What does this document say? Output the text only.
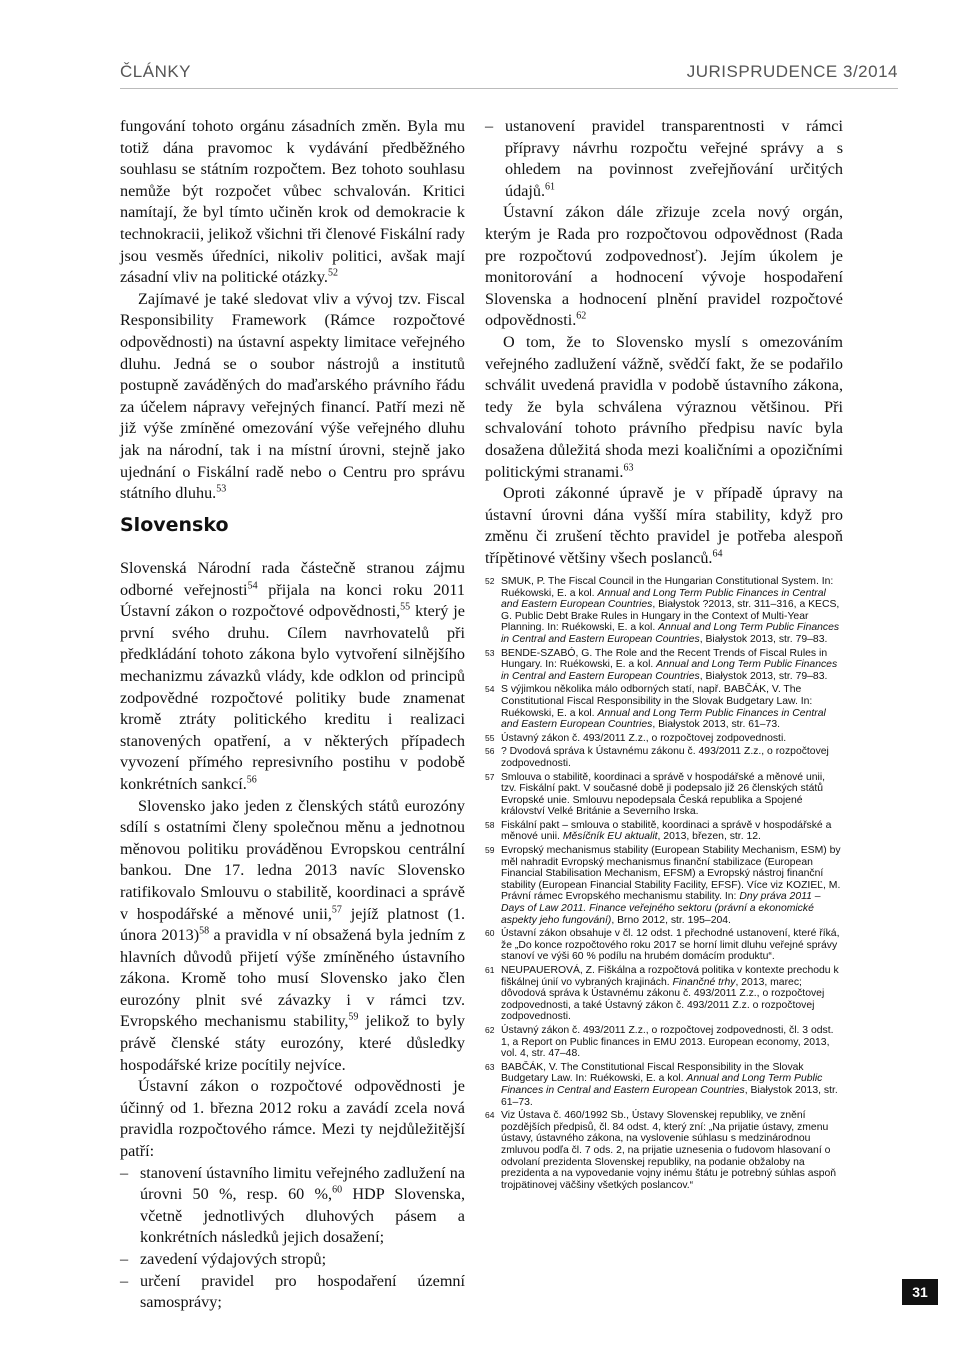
ČLÁNKY	JURISPRUDENCE 3/2014

fungování tohoto orgánu zásadních změn. Byla mu totiž dána pravomoc k vydávání předběžného souhlasu se státním rozpočtem. Bez tohoto souhlasu nemůže být rozpočet vůbec schvalován. Kritici namítají, že byl tímto učiněn krok od demokracie k technokracii, jelikož všichni tři členové Fiskální rady jsou vesměs úředníci, nikoliv politici, avšak mají zásadní vliv na politické otázky.$^{52}$

Zajímavé je také sledovat vliv a vývoj tzv. Fiscal Responsibility Framework (Rámce rozpočtové odpovědnosti) na ústavní aspekty limitace veřejného dluhu. Jedná se o soubor nástrojů a institutů postupně zaváděných do maďarského právního řádu za účelem nápravy veřejných financí. Patří mezi ně již výše zmíněné omezování výše veřejného dluhu jak na národní, tak i na místní úrovni, stejně jako ujednání o Fiskální radě nebo o Centru pro správu státního dluhu.$^{53}$

Slovensko

Slovenská Národní rada částečně stranou zájmu odborné veřejnosti$^{54}$ přijala na konci roku 2011 Ústavní zákon o rozpočtové odpovědnosti,$^{55}$ který je první svého druhu. Cílem navrhovatelů při předkládání tohoto zákona bylo vytvoření silnějšího mechanizmu závazků vlády, kde odklon od principů zodpovědné rozpočtové politiky bude znamenat kromě ztráty politického kreditu i realizaci stanovených opatření, a v některých případech vyvození přímého represivního postihu v podobě konkrétních sankcí.$^{56}$

Slovensko jako jeden z členských států eurozóny sdílí s ostatními členy společnou měnu a jednotnou měnovou politiku prováděnou Evropskou centrální bankou. Dne 17. ledna 2013 navíc Slovensko ratifikovalo Smlouvu o stabilitě, koordinaci a správě v hospodářské a měnové unii,$^{57}$ jejíž platnost (1. února 2013)$^{58}$ a pravidla v ní obsažená byla jedním z hlavních důvodů přijetí výše zmíněného ústavního zákona. Kromě toho musí Slovensko jako člen eurozóny plnit své závazky i v rámci tzv. Evropského mechanismu stability,$^{59}$ jelikož to byly právě členské státy eurozóny, které důsledky hospodářské krize pocítily nejvíce.

Ústavní zákon o rozpočtové odpovědnosti je účinný od 1. března 2012 roku a zavádí zcela nová pravidla rozpočtového rámce. Mezi ty nejdůležitější patří:

– stanovení ústavního limitu veřejného zadlužení na úrovni 50 %, resp. 60 %,$^{60}$ HDP Slovenska, včetně jednotlivých dluhových pásem a konkrétních následků jejich dosažení;
– zavedení výdajových stropů;
– určení pravidel pro hospodaření územní samosprávy;
– ustanovení pravidel transparentnosti v rámci přípravy návrhu rozpočtu veřejné správy a s ohledem na povinnost zveřejňování určitých údajů.$^{61}$

Ústavní zákon dále zřizuje zcela nový orgán, kterým je Rada pro rozpočtovou odpovědnost (Rada pre rozpočtovú zodpovednosť). Jejím úkolem je monitorování a hodnocení vývoje hospodaření Slovenska a hodnocení plnění pravidel rozpočtové odpovědnosti.$^{62}$

O tom, že to Slovensko myslí s omezováním veřejného zadlužení vážně, svědčí fakt, že se podařilo schválit uvedená pravidla v podobě ústavního zákona, tedy že byla schválena výraznou většinou. Při schvalování tohoto právního předpisu navíc byla dosažena důležitá shoda mezi koaličními a opozičními politickými stranami.$^{63}$

Oproti zákonné úpravě je v případě úpravy na ústavní úrovni dána vyšší míra stability, když pro změnu či zrušení těchto pravidel je potřeba alespoň třípětinové většiny všech poslanců.$^{64}$

52 SMUK, P. The Fiscal Council in the Hungarian Constitutional System. In: Ruékowski, E. a kol. Annual and Long Term Public Finances in Central and Eastern European Countries, Białystok ?2013, str. 311–316, a KECS, G. Public Debt Brake Rules in Hungary in the Context of Multi-Year Planning. In: Ruékowski, E. a kol. Annual and Long Term Public Finances in Central and Eastern European Countries, Białystok 2013, str. 79–83.
53 BENDE-SZABÓ, G. The Role and the Recent Trends of Fiscal Rules in Hungary. In: Ruékowski, E. a kol. Annual and Long Term Public Finances in Central and Eastern European Countries, Białystok 2013, str. 79–83.
54 S výjimkou několika málo odborných statí, např. BABČÁK, V. The Constitutional Fiscal Responsibility in the Slovak Budgetary Law. In: Ruékowski, E. a kol. Annual and Long Term Public Finances in Central and Eastern European Countries, Białystok 2013, str. 61–73.
55 Ústavný zákon č. 493/2011 Z.z., o rozpočtovej zodpovednosti.
56 ? Dvodová správa k Ústavnému zákonu č. 493/2011 Z.z., o rozpočtovej zodpovednosti.
57 Smlouva o stabilitě, koordinaci a správě v hospodářské a měnové unii, tzv. Fiskální pakt. V současné době ji podepsalo již 26 členských států Evropské unie. Smlouvu nepodepsala Česká republika a Spojené království Velké Británie a Severního Irska.
58 Fiskální pakt – smlouva o stabilitě, koordinaci a správě v hospodářské a měnové unii. Měsíčník EU aktualit, 2013, březen, str. 12.
59 Evropský mechanismus stability (European Stability Mechanism, ESM) by měl nahradit Evropský mechanismus finanční stabilizace (European Financial Stabilisation Mechanism, EFSM) a Evropský nástroj finanční stability (European Financial Stability Facility, EFSF). Více viz KOZIEĽ, M. Právní rámec Evropského mechanismu stability. In: Dny práva 2011 – Days of Law 2011. Finance veřejného sektoru (právní a ekonomické aspekty jeho fungování), Brno 2012, str. 195–204.
60 Ústavní zákon obsahuje v čl. 12 odst. 1 přechodné ustanovení, které říká, že „Do konce rozpočtového roku 2017 se horní limit dluhu veřejné správy stanoví ve výši 60 % podílu na hrubém domácím produktu“.
61 NEUPAUEROVÁ, Z. Fiškálna a rozpočtová politika v kontexte prechodu k fiškálnej únií vo vybraných krajinách. Finančné trhy, 2013, marec; dôvodová správa k Ústavnému zákonu č. 493/2011 Z.z., o rozpočtovej zodpovednosti, a také Ústavný zákon č. 493/2011 Z.z. o rozpočtovej zodpovednosti.
62 Ústavný zákon č. 493/2011 Z.z., o rozpočtovej zodpovednosti, čl. 3 odst. 1, a Report on Public finances in EMU 2013. European economy, 2013, vol. 4, str. 47–48.
63 BABČÁK, V. The Constitutional Fiscal Responsibility in the Slovak Budgetary Law. In: Ruékowski, E. a kol. Annual and Long Term Public Finances in Central and Eastern European Countries, Białystok 2013, str. 61–73.
64 Viz Ústava č. 460/1992 Sb., Ústavy Slovenskej republiky, ve znění pozdějších předpisů, čl. 84 odst. 4, který zní: „Na prijatie ústavy, zmenu ústavy, ústavného zákona, na vyslovenie súhlasu s medzinárodnou zmluvou podľa čl. 7 ods. 2, na prijatie uznesenia o fudovom hlasovaní o odvolaní prezidenta Slovenskej republiky, na podanie obžaloby na prezidenta a na vypovedanie vojny inému štátu je potrebný súhlas aspoň trojpätinovej väčšiny všetkých poslancov.“
31
